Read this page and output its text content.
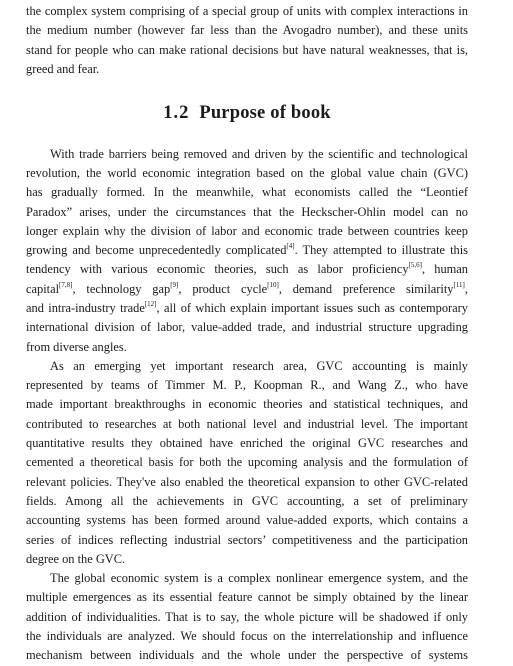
the complex system comprising of a special group of units with complex interactions in
the medium number (however far less than the Avogadro number), and these units
stand for people who can make rational decisions but have natural weaknesses, that is,
greed and fear.

1.2 Purpose of book

With trade barriers being removed and driven by the scientific and technological
revolution, the world economic integration based on the global value chain (GVC)
has gradually formed. In the meanwhile, what economists called the “Leontief
Paradox” arises, under the circumstances that the Heckscher-Ohlin model can no
longer explain why the division of labor and economic trade between countries keep
growing and become unprecedentedly complicated[4]. They attempted to illustrate this
tendency with various economic theories, such as labor proficiency[5,6], human
capital[7,8], technology gap[9], product cycle[10], demand preference similarity[11],
and intra-industry trade[12], all of which explain important issues such as contemporary
international division of labor, value-added trade, and industrial structure upgrading
from diverse angles.

As an emerging yet important research area, GVC accounting is mainly
represented by teams of Timmer M. P., Koopman R., and Wang Z., who have
made important breakthroughs in economic theories and statistical techniques, and
contributed to researches at both national level and industrial level. The important
quantitative results they obtained have enriched the original GVC researches and
cemented a theoretical basis for both the upcoming analysis and the formulation of
relevant policies. They've also enabled the theoretical expansion to other GVC-related
fields. Among all the achievements in GVC accounting, a set of preliminary
accounting systems has been formed around value-added exports, which contains a
series of indices reflecting industrial sectors’ competitiveness and the participation
degree on the GVC.

The global economic system is a complex nonlinear emergence system, and the
multiple emergences as its essential feature cannot be simply obtained by the linear
addition of individualities. That is to say, the whole picture will be shadowed if only
the individuals are analyzed. We should focus on the interrelationship and influence
mechanism between individuals and the whole under the perspective of systems
